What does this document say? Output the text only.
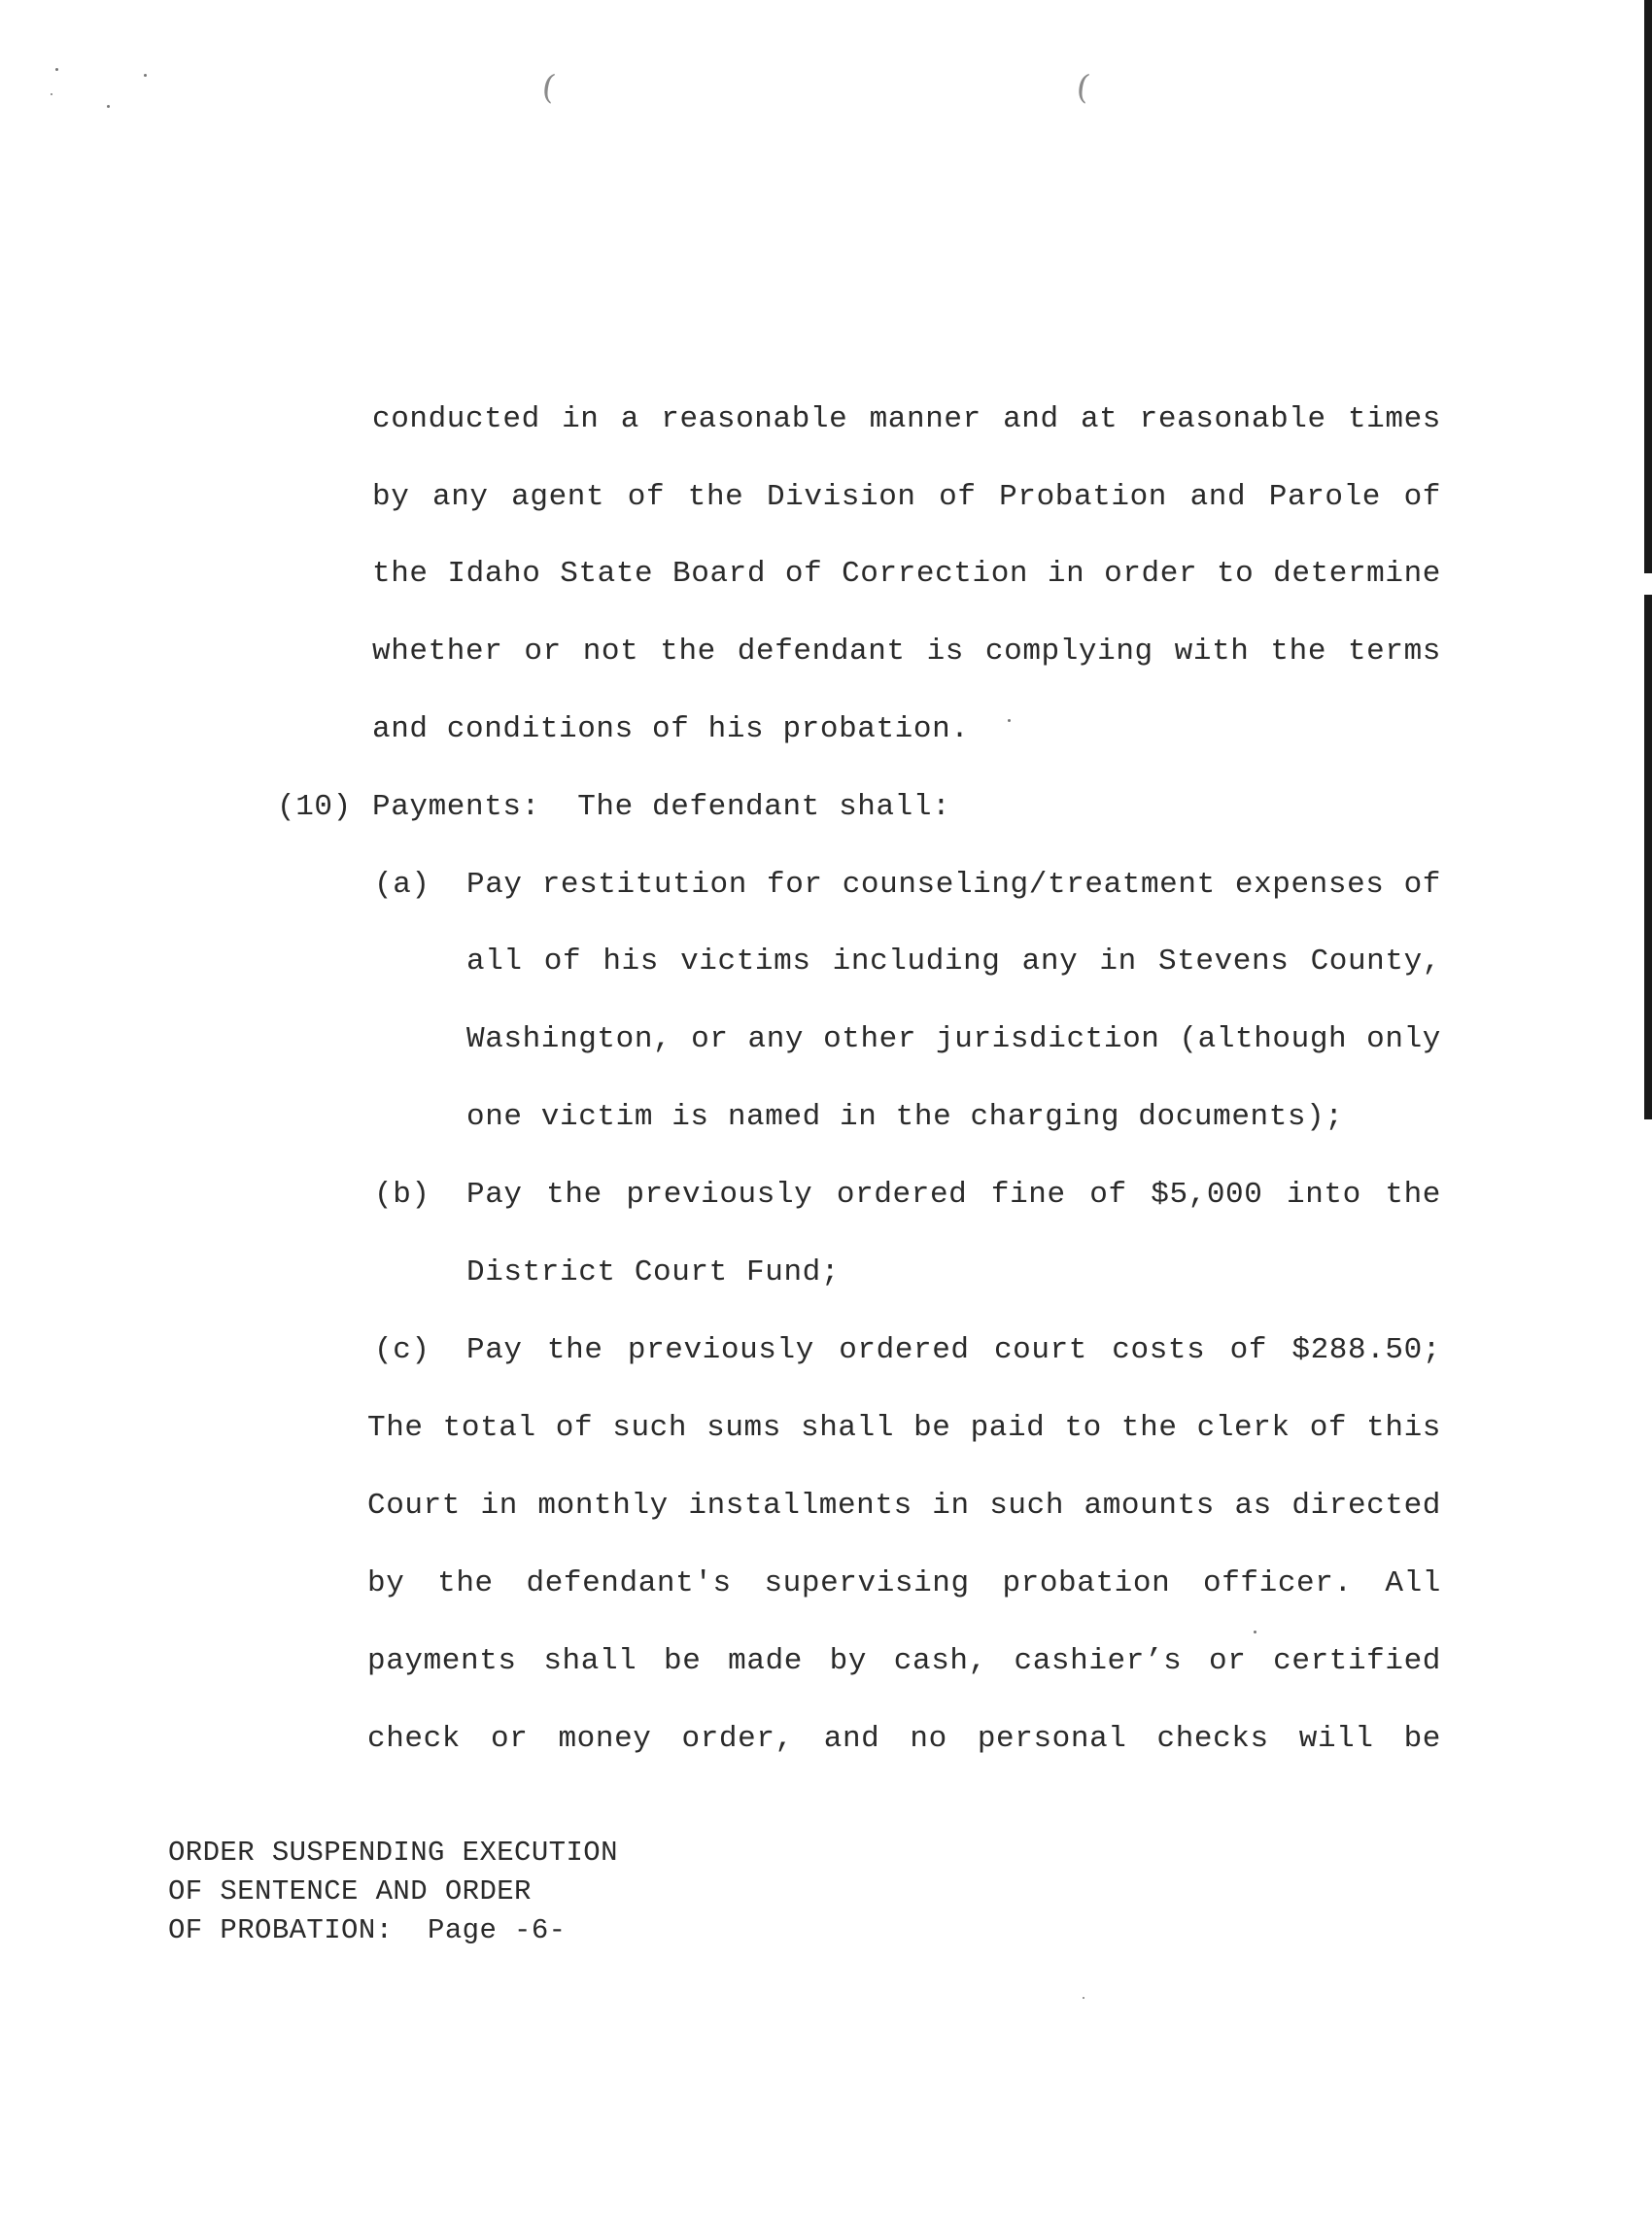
(	(
conducted in a reasonable manner and at reasonable times
by any agent of the Division of Probation and Parole of
the Idaho State Board of Correction in order to determine
whether or not the defendant is complying with the terms
and conditions of his probation.
(10) Payments:  The defendant shall:
(a) Pay restitution for counseling/treatment expenses of
all of his victims including any in Stevens County,
Washington, or any other jurisdiction (although only
one victim is named in the charging documents);
(b) Pay the previously ordered fine of $5,000 into the
District Court Fund;
(c) Pay the previously ordered court costs of $288.50;
The total of such sums shall be paid to the clerk of this
Court in monthly installments in such amounts as directed
by the defendant's supervising probation officer. All
payments shall be made by cash, cashier’s or certified
check or money order, and no personal checks will be
ORDER SUSPENDING EXECUTION
OF SENTENCE AND ORDER
OF PROBATION:  Page -6-
